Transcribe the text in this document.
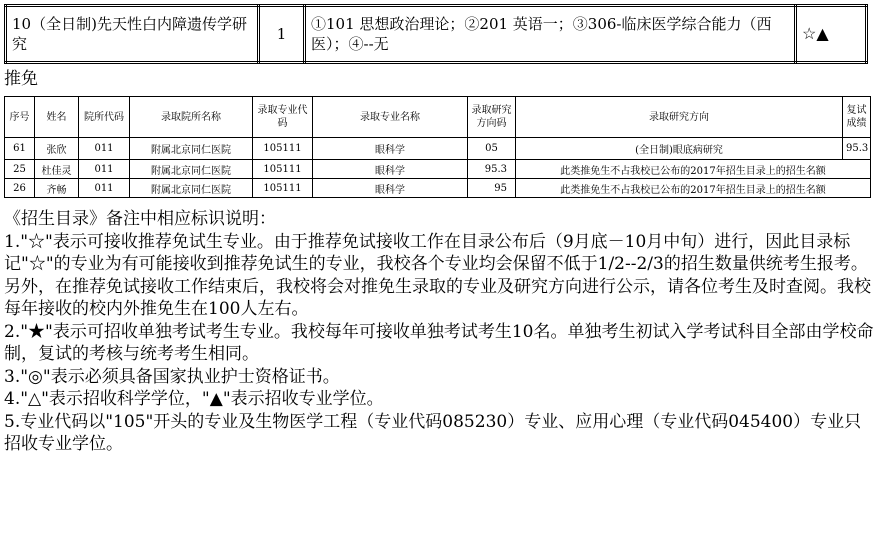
10（全日制)先天性白内障遗传学研究	1	①101 思想政治理论；②201 英语一；③306-临床医学综合能力（西医）；④--无	☆▲
推免
序号	姓名	院所代码	录取院所名称	录取专业代码	录取专业名称	录取研究方向码	录取研究方向	复试成绩
61	张欣	011	附属北京同仁医院	105111	眼科学	05	(全日制)眼底病研究	95.3
25	杜佳灵	011	附属北京同仁医院	105111	眼科学	95.3	此类推免生不占我校已公布的2017年招生目录上的招生名额	
26	齐畅	011	附属北京同仁医院	105111	眼科学	95	此类推免生不占我校已公布的2017年招生目录上的招生名额	

《招生目录》备注中相应标识说明：

1."☆"表示可接收推荐免试生专业。由于推荐免试接收工作在目录公布后（9月底－10月中旬）进行，因此目录标记"☆"的专业为有可能接收到推荐免试生的专业，我校各个专业均会保留不低于1/2--2/3的招生数量供统考生报考。另外，在推荐免试接收工作结束后，我校将会对推免生录取的专业及研究方向进行公示，请各位考生及时查阅。我校每年接收的校内外推免生在100人左右。

2."★"表示可招收单独考试考生专业。我校每年可接收单独考试考生10名。单独考生初试入学考试科目全部由学校命制，复试的考核与统考考生相同。

3."◎"表示必须具备国家执业护士资格证书。

4."△"表示招收科学学位，"▲"表示招收专业学位。

5.专业代码以"105"开头的专业及生物医学工程（专业代码085230）专业、应用心理（专业代码045400）专业只招收专业学位。
